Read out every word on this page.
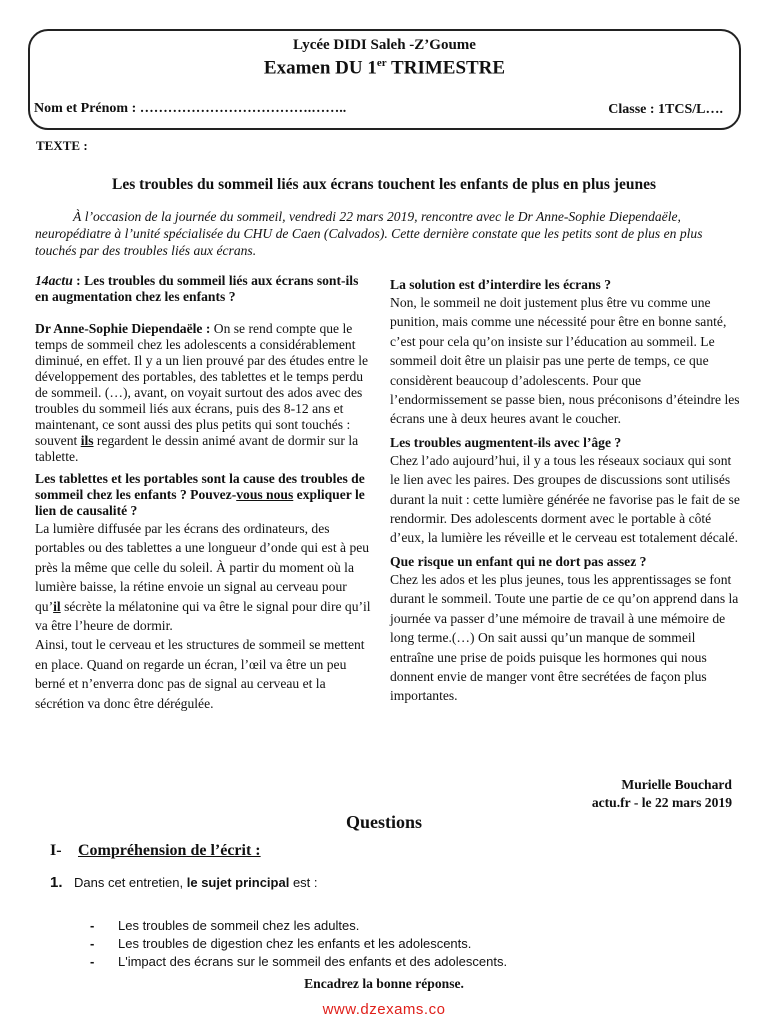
Lycée DIDI Saleh -Z’Goume
Examen DU 1er TRIMESTRE
Nom et Prénom : ……………………………….……..	Classe : 1TCS/L….
TEXTE :
Les troubles du sommeil liés aux écrans touchent les enfants de plus en plus jeunes
À l’occasion de la journée du sommeil, vendredi 22 mars 2019, rencontre avec le Dr Anne-Sophie Diependaële, neuropédiatre à l’unité spécialisée du CHU de Caen (Calvados). Cette dernière constate que les petits sont de plus en plus touchés par des troubles liés aux écrans.

14actu : Les troubles du sommeil liés aux écrans sont-ils en augmentation chez les enfants ?

Dr Anne-Sophie Diependaële : On se rend compte que le temps de sommeil chez les adolescents a considérablement diminué, en effet. Il y a un lien prouvé par des études entre le développement des portables, des tablettes et le temps perdu de sommeil. (…), avant, on voyait surtout des ados avec des troubles du sommeil liés aux écrans, puis des 8-12 ans et maintenant, ce sont aussi des plus petits qui sont touchés : souvent ils regardent le dessin animé avant de dormir sur la tablette.

Les tablettes et les portables sont la cause des troubles de sommeil chez les enfants ? Pouvez-vous nous expliquer le lien de causalité ?

La lumière diffusée par les écrans des ordinateurs, des portables ou des tablettes a une longueur d’onde qui est à peu près la même que celle du soleil. À partir du moment où la lumière baisse, la rétine envoie un signal au cerveau pour qu’il sécrète la mélatonine qui va être le signal pour dire qu’il va être l’heure de dormir.

Ainsi, tout le cerveau et les structures de sommeil se mettent en place. Quand on regarde un écran, l’œil va être un peu berné et n’enverra donc pas de signal au cerveau et la sécrétion va donc être dérégulée.

La solution est d’interdire les écrans ?

Non, le sommeil ne doit justement plus être vu comme une punition, mais comme une nécessité pour être en bonne santé, c’est pour cela qu’on insiste sur l’éducation au sommeil. Le sommeil doit être un plaisir pas une perte de temps, ce que considèrent beaucoup d’adolescents. Pour que l’endormissement se passe bien, nous préconisons d’éteindre les écrans une à deux heures avant le coucher.

Les troubles augmentent-ils avec l’âge ?

Chez l’ado aujourd’hui, il y a tous les réseaux sociaux qui sont le lien avec les paires. Des groupes de discussions sont utilisés durant la nuit : cette lumière générée ne favorise pas le fait de se rendormir. Des adolescents dorment avec le portable à côté d’eux, la lumière les réveille et le cerveau est totalement décalé.

Que risque un enfant qui ne dort pas assez ?

Chez les ados et les plus jeunes, tous les apprentissages se font durant le sommeil. Toute une partie de ce qu’on apprend dans la journée va passer d’une mémoire de travail à une mémoire de long terme.(…) On sait aussi qu’un manque de sommeil entraîne une prise de poids puisque les hormones qui nous donnent envie de manger vont être secrétées de façon plus importantes.

Murielle Bouchard
actu.fr - le 22 mars 2019
Questions
I- Compréhension de l’écrit :
1. Dans cet entretien, le sujet principal est :
- Les troubles de sommeil chez les adultes.
- Les troubles de digestion chez les enfants et les adolescents.
- L'impact des écrans sur le sommeil des enfants et des adolescents.
Encadrez la bonne réponse.
www.dzexams.co
